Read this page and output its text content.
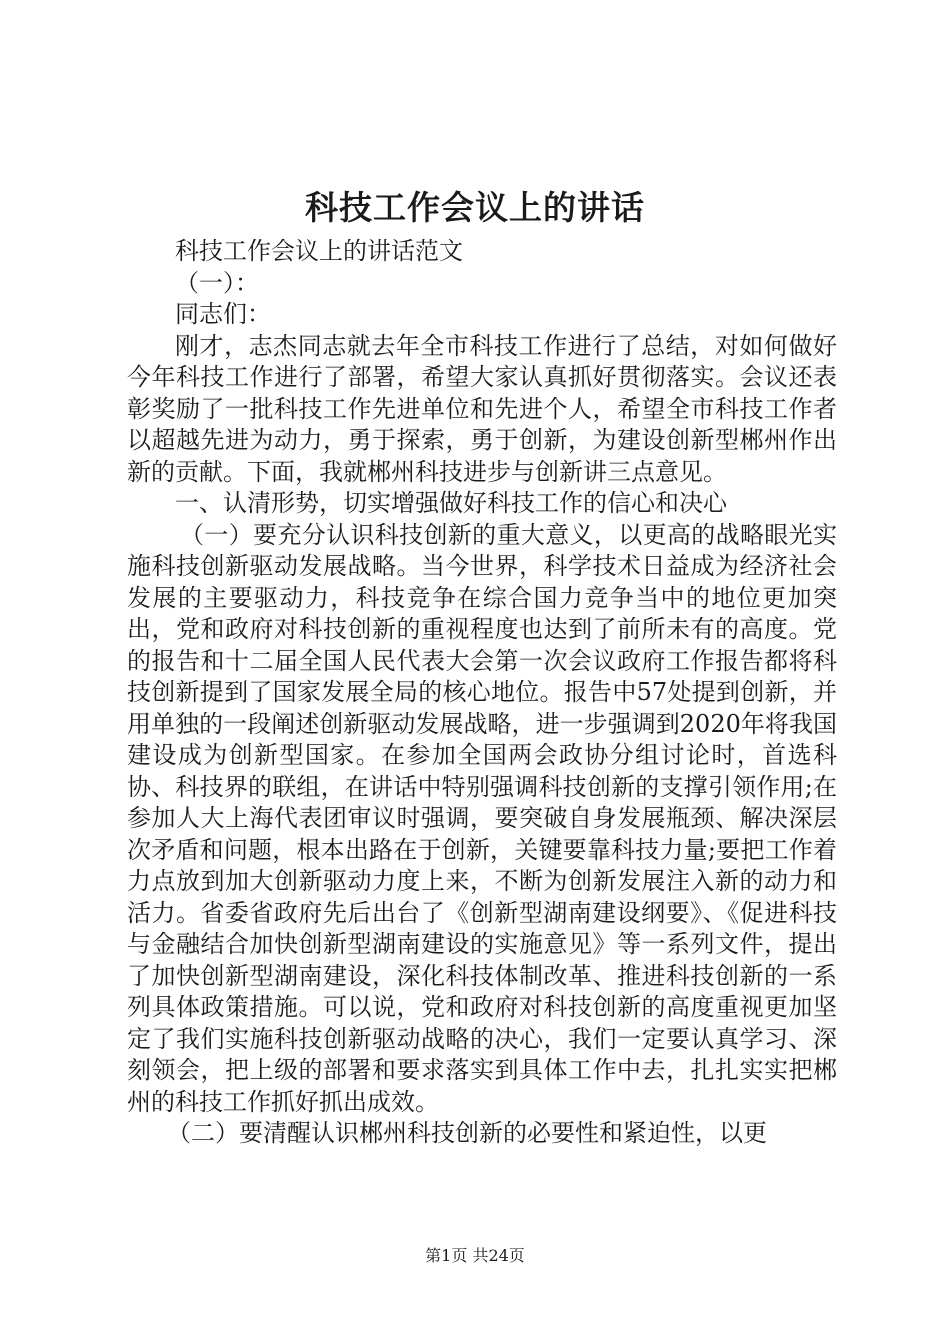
科技工作会议上的讲话

科技工作会议上的讲话范文

（一）：

同志们：

刚才，志杰同志就去年全市科技工作进行了总结，对如何做好今年科技工作进行了部署，希望大家认真抓好贯彻落实。会议还表彰奖励了一批科技工作先进单位和先进个人，希望全市科技工作者以超越先进为动力，勇于探索，勇于创新，为建设创新型郴州作出新的贡献。下面，我就郴州科技进步与创新讲三点意见。

一、认清形势，切实增强做好科技工作的信心和决心

（一）要充分认识科技创新的重大意义，以更高的战略眼光实施科技创新驱动发展战略。当今世界，科学技术日益成为经济社会发展的主要驱动力，科技竞争在综合国力竞争当中的地位更加突出，党和政府对科技创新的重视程度也达到了前所未有的高度。党的报告和十二届全国人民代表大会第一次会议政府工作报告都将科技创新提到了国家发展全局的核心地位。报告中57处提到创新，并用单独的一段阐述创新驱动发展战略，进一步强调到2020年将我国建设成为创新型国家。在参加全国两会政协分组讨论时，首选科协、科技界的联组，在讲话中特别强调科技创新的支撑引领作用;在参加人大上海代表团审议时强调，要突破自身发展瓶颈、解决深层次矛盾和问题，根本出路在于创新，关键要靠科技力量;要把工作着力点放到加大创新驱动力度上来，不断为创新发展注入新的动力和活力。省委省政府先后出台了《创新型湖南建设纲要》、《促进科技与金融结合加快创新型湖南建设的实施意见》等一系列文件，提出了加快创新型湖南建设，深化科技体制改革、推进科技创新的一系列具体政策措施。可以说，党和政府对科技创新的高度重视更加坚定了我们实施科技创新驱动战略的决心，我们一定要认真学习、深刻领会，把上级的部署和要求落实到具体工作中去，扎扎实实把郴州的科技工作抓好抓出成效。

（二）要清醒认识郴州科技创新的必要性和紧迫性，以更

第1页 共24页
